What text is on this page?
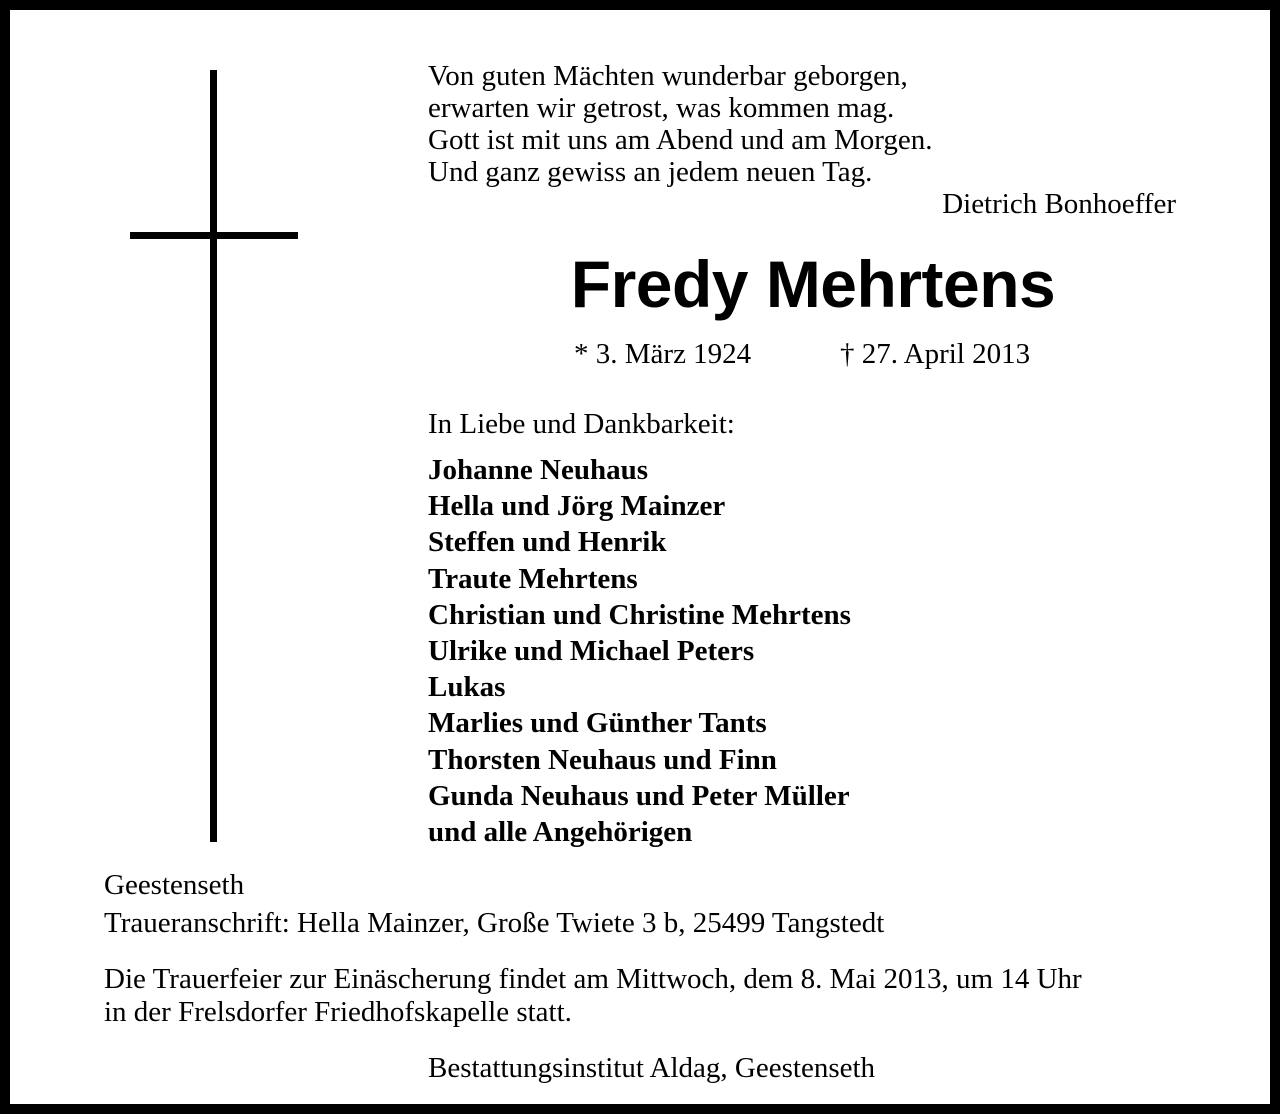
Von guten Mächten wunderbar geborgen,
erwarten wir getrost, was kommen mag.
Gott ist mit uns am Abend und am Morgen.
Und ganz gewiss an jedem neuen Tag.
Dietrich Bonhoeffer
Fredy Mehrtens
* 3. März 1924	† 27. April 2013
In Liebe und Dankbarkeit:
Johanne Neuhaus
Hella und Jörg Mainzer
Steffen und Henrik
Traute Mehrtens
Christian und Christine Mehrtens
Ulrike und Michael Peters
Lukas
Marlies und Günther Tants
Thorsten Neuhaus und Finn
Gunda Neuhaus und Peter Müller
und alle Angehörigen
Geestenseth
Traueranschrift: Hella Mainzer, Große Twiete 3 b, 25499 Tangstedt
Die Trauerfeier zur Einäscherung findet am Mittwoch, dem 8. Mai 2013, um 14 Uhr
in der Frelsdorfer Friedhofskapelle statt.
Bestattungsinstitut Aldag, Geestenseth
